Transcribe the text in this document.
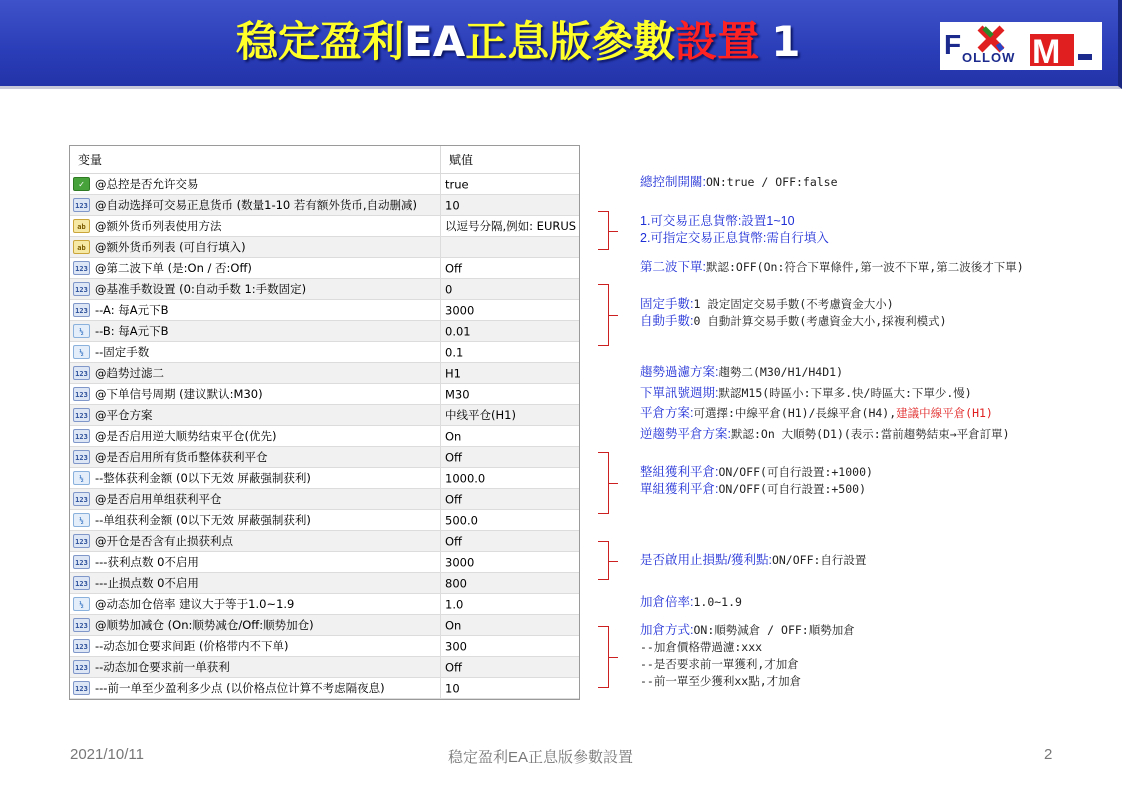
稳定盈利EA正息版參數設置 1	F OLLOW M
变量	赋值
✓ @总控是否允许交易	true
123 @自动选择可交易正息货币 (数量1-10 若有额外货币,自动删减)	10
ab @额外货币列表使用方法	以逗号分隔,例如: EURUS
ab @额外货币列表 (可自行填入)	
123 @第二波下单 (是:On / 否:Off)	Off
123 @基准手数设置 (0:自动手数 1:手数固定)	0
123 --A: 每A元下B	3000
½ --B: 每A元下B	0.01
½ --固定手数	0.1
123 @趋势过滤二	H1
123 @下单信号周期 (建议默认:M30)	M30
123 @平仓方案	中线平仓(H1)
123 @是否启用逆大顺势结束平仓(优先)	On
123 @是否启用所有货币整体获利平仓	Off
½ --整体获利金额 (0以下无效 屏蔽强制获利)	1000.0
123 @是否启用单组获利平仓	Off
½ --单组获利金额 (0以下无效 屏蔽强制获利)	500.0
123 @开仓是否含有止损获利点	Off
123 ---获利点数 0不启用	3000
123 ---止损点数 0不启用	800
½ @动态加仓倍率 建议大于等于1.0~1.9	1.0
123 @顺势加减仓 (On:顺势减仓/Off:顺势加仓)	On
123 --动态加仓要求间距 (价格带内不下单)	300
123 --动态加仓要求前一单获利	Off
123 ---前一单至少盈利多少点 (以价格点位计算不考虑隔夜息)	10
總控制開關:ON:true / OFF:false
1.可交易正息貨幣:設置1~10
2.可指定交易正息貨幣:需自行填入
第二波下單:默認:OFF(On:符合下單條件,第一波不下單,第二波後才下單)
固定手數:1 設定固定交易手數(不考慮資金大小)
自動手數:0 自動計算交易手數(考慮資金大小,採複利模式)
趨勢過濾方案:趨勢二(M30/H1/H4D1)
下單訊號週期:默認M15(時區小:下單多.快/時區大:下單少.慢)
平倉方案:可選擇:中線平倉(H1)/長線平倉(H4),建議中線平倉(H1)
逆趨勢平倉方案:默認:On 大順勢(D1)(表示:當前趨勢結束→平倉訂單)
整組獲利平倉:ON/OFF(可自行設置:+1000)
單組獲利平倉:ON/OFF(可自行設置:+500)
是否啟用止損點/獲利點:ON/OFF:自行設置
加倉倍率:1.0~1.9
加倉方式:ON:順勢減倉 / OFF:順勢加倉
--加倉價格帶過濾:xxx
--是否要求前一單獲利,才加倉
--前一單至少獲利xx點,才加倉
2021/10/11	稳定盈利EA正息版參數設置	2
